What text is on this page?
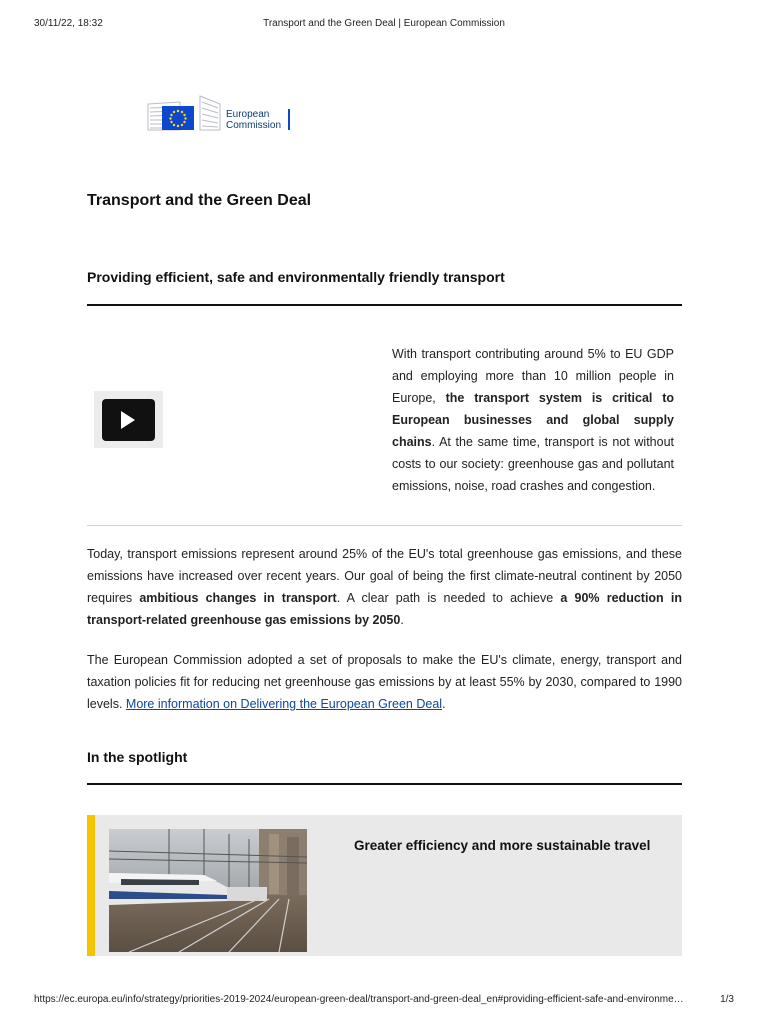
30/11/22, 18:32	Transport and the Green Deal | European Commission
European
Commission
Transport and the Green Deal
Providing efficient, safe and environmentally friendly transport
With transport contributing around 5% to EU GDP and employing more than 10 million people in Europe, the transport system is critical to European businesses and global supply chains. At the same time, transport is not without costs to our society: greenhouse gas and pollutant emissions, noise, road crashes and congestion.
Today, transport emissions represent around 25% of the EU's total greenhouse gas emissions, and these emissions have increased over recent years. Our goal of being the first climate-neutral continent by 2050 requires ambitious changes in transport. A clear path is needed to achieve a 90% reduction in transport-related greenhouse gas emissions by 2050.
The European Commission adopted a set of proposals to make the EU's climate, energy, transport and taxation policies fit for reducing net greenhouse gas emissions by at least 55% by 2030, compared to 1990 levels. More information on Delivering the European Green Deal.
In the spotlight
Greater efficiency and more sustainable travel
https://ec.europa.eu/info/strategy/priorities-2019-2024/european-green-deal/transport-and-green-deal_en#providing-efficient-safe-and-environme…	1/3
